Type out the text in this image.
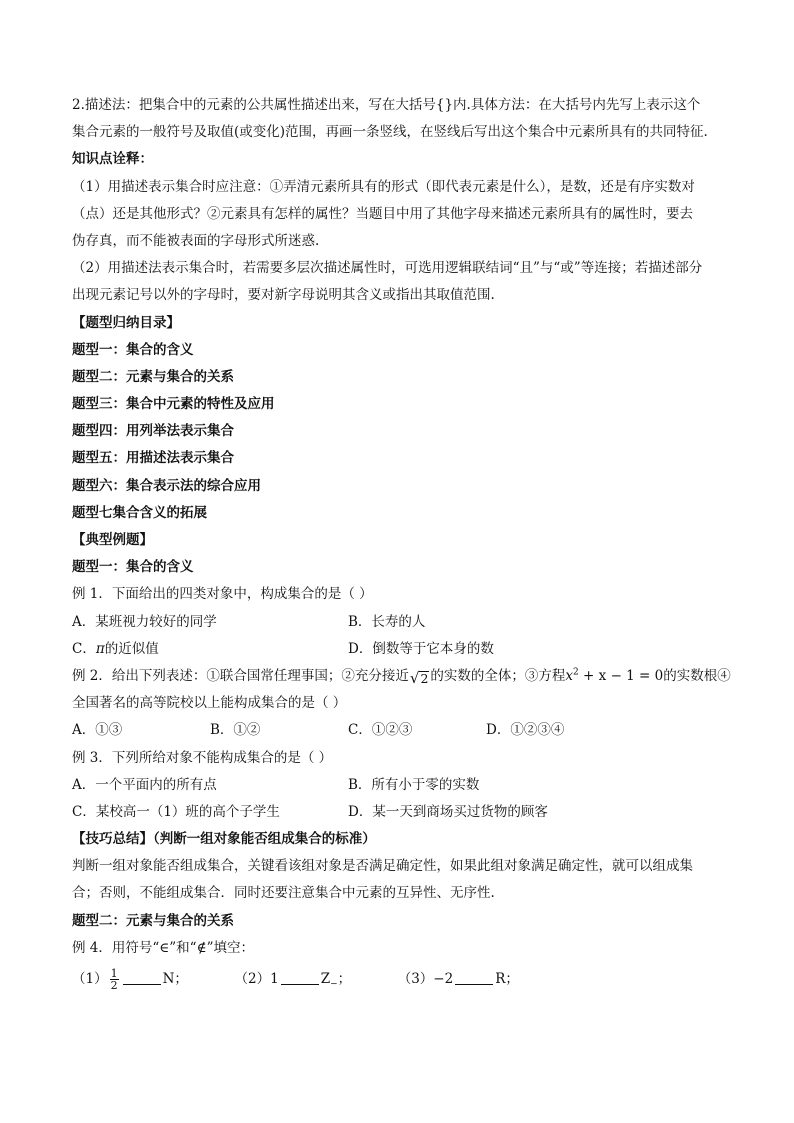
2.描述法：把集合中的元素的公共属性描述出来，写在大括号{}内.具体方法：在大括号内先写上表示这个
集合元素的一般符号及取值(或变化)范围，再画一条竖线，在竖线后写出这个集合中元素所具有的共同特征.
知识点诠释：
（1）用描述表示集合时应注意：①弄清元素所具有的形式（即代表元素是什么），是数，还是有序实数对
（点）还是其他形式？②元素具有怎样的属性？当题目中用了其他字母来描述元素所具有的属性时，要去
伪存真，而不能被表面的字母形式所迷惑.
（2）用描述法表示集合时，若需要多层次描述属性时，可选用逻辑联结词“且”与“或”等连接；若描述部分
出现元素记号以外的字母时，要对新字母说明其含义或指出其取值范围.
【题型归纳目录】
题型一：集合的含义
题型二：元素与集合的关系
题型三：集合中元素的特性及应用
题型四：用列举法表示集合
题型五：用描述法表示集合
题型六：集合表示法的综合应用
题型七集合含义的拓展
【典型例题】
题型一：集合的含义
例 1．下面给出的四类对象中，构成集合的是（ ）
A．某班视力较好的同学	B．长寿的人
C．π的近似值	D．倒数等于它本身的数
例 2．给出下列表述：①联合国常任理事国；②充分接近 √ 2 的实数的全体；③方程$x^2 + x - 1 = 0$的实数根④
全国著名的高等院校以上能构成集合的是（ ）
A．①③	B．①②	C．①②③	D．①②③④
例 3．下列所给对象不能构成集合的是（ ）
A．一个平面内的所有点	B．所有小于零的实数
C．某校高一（1）班的高个子学生	D．某一天到商场买过货物的顾客
【技巧总结】（判断一组对象能否组成集合的标准）
判断一组对象能否组成集合，关键看该组对象是否满足确定性，如果此组对象满足确定性，就可以组成集
合；否则，不能组成集合．同时还要注意集合中元素的互异性、无序性.
题型二：元素与集合的关系
例 4．用符号“∈”和“∉”填空：
$(1) \frac{1}{2}$	N；	（2）1	$Z_-$；	（3）−2	R；
